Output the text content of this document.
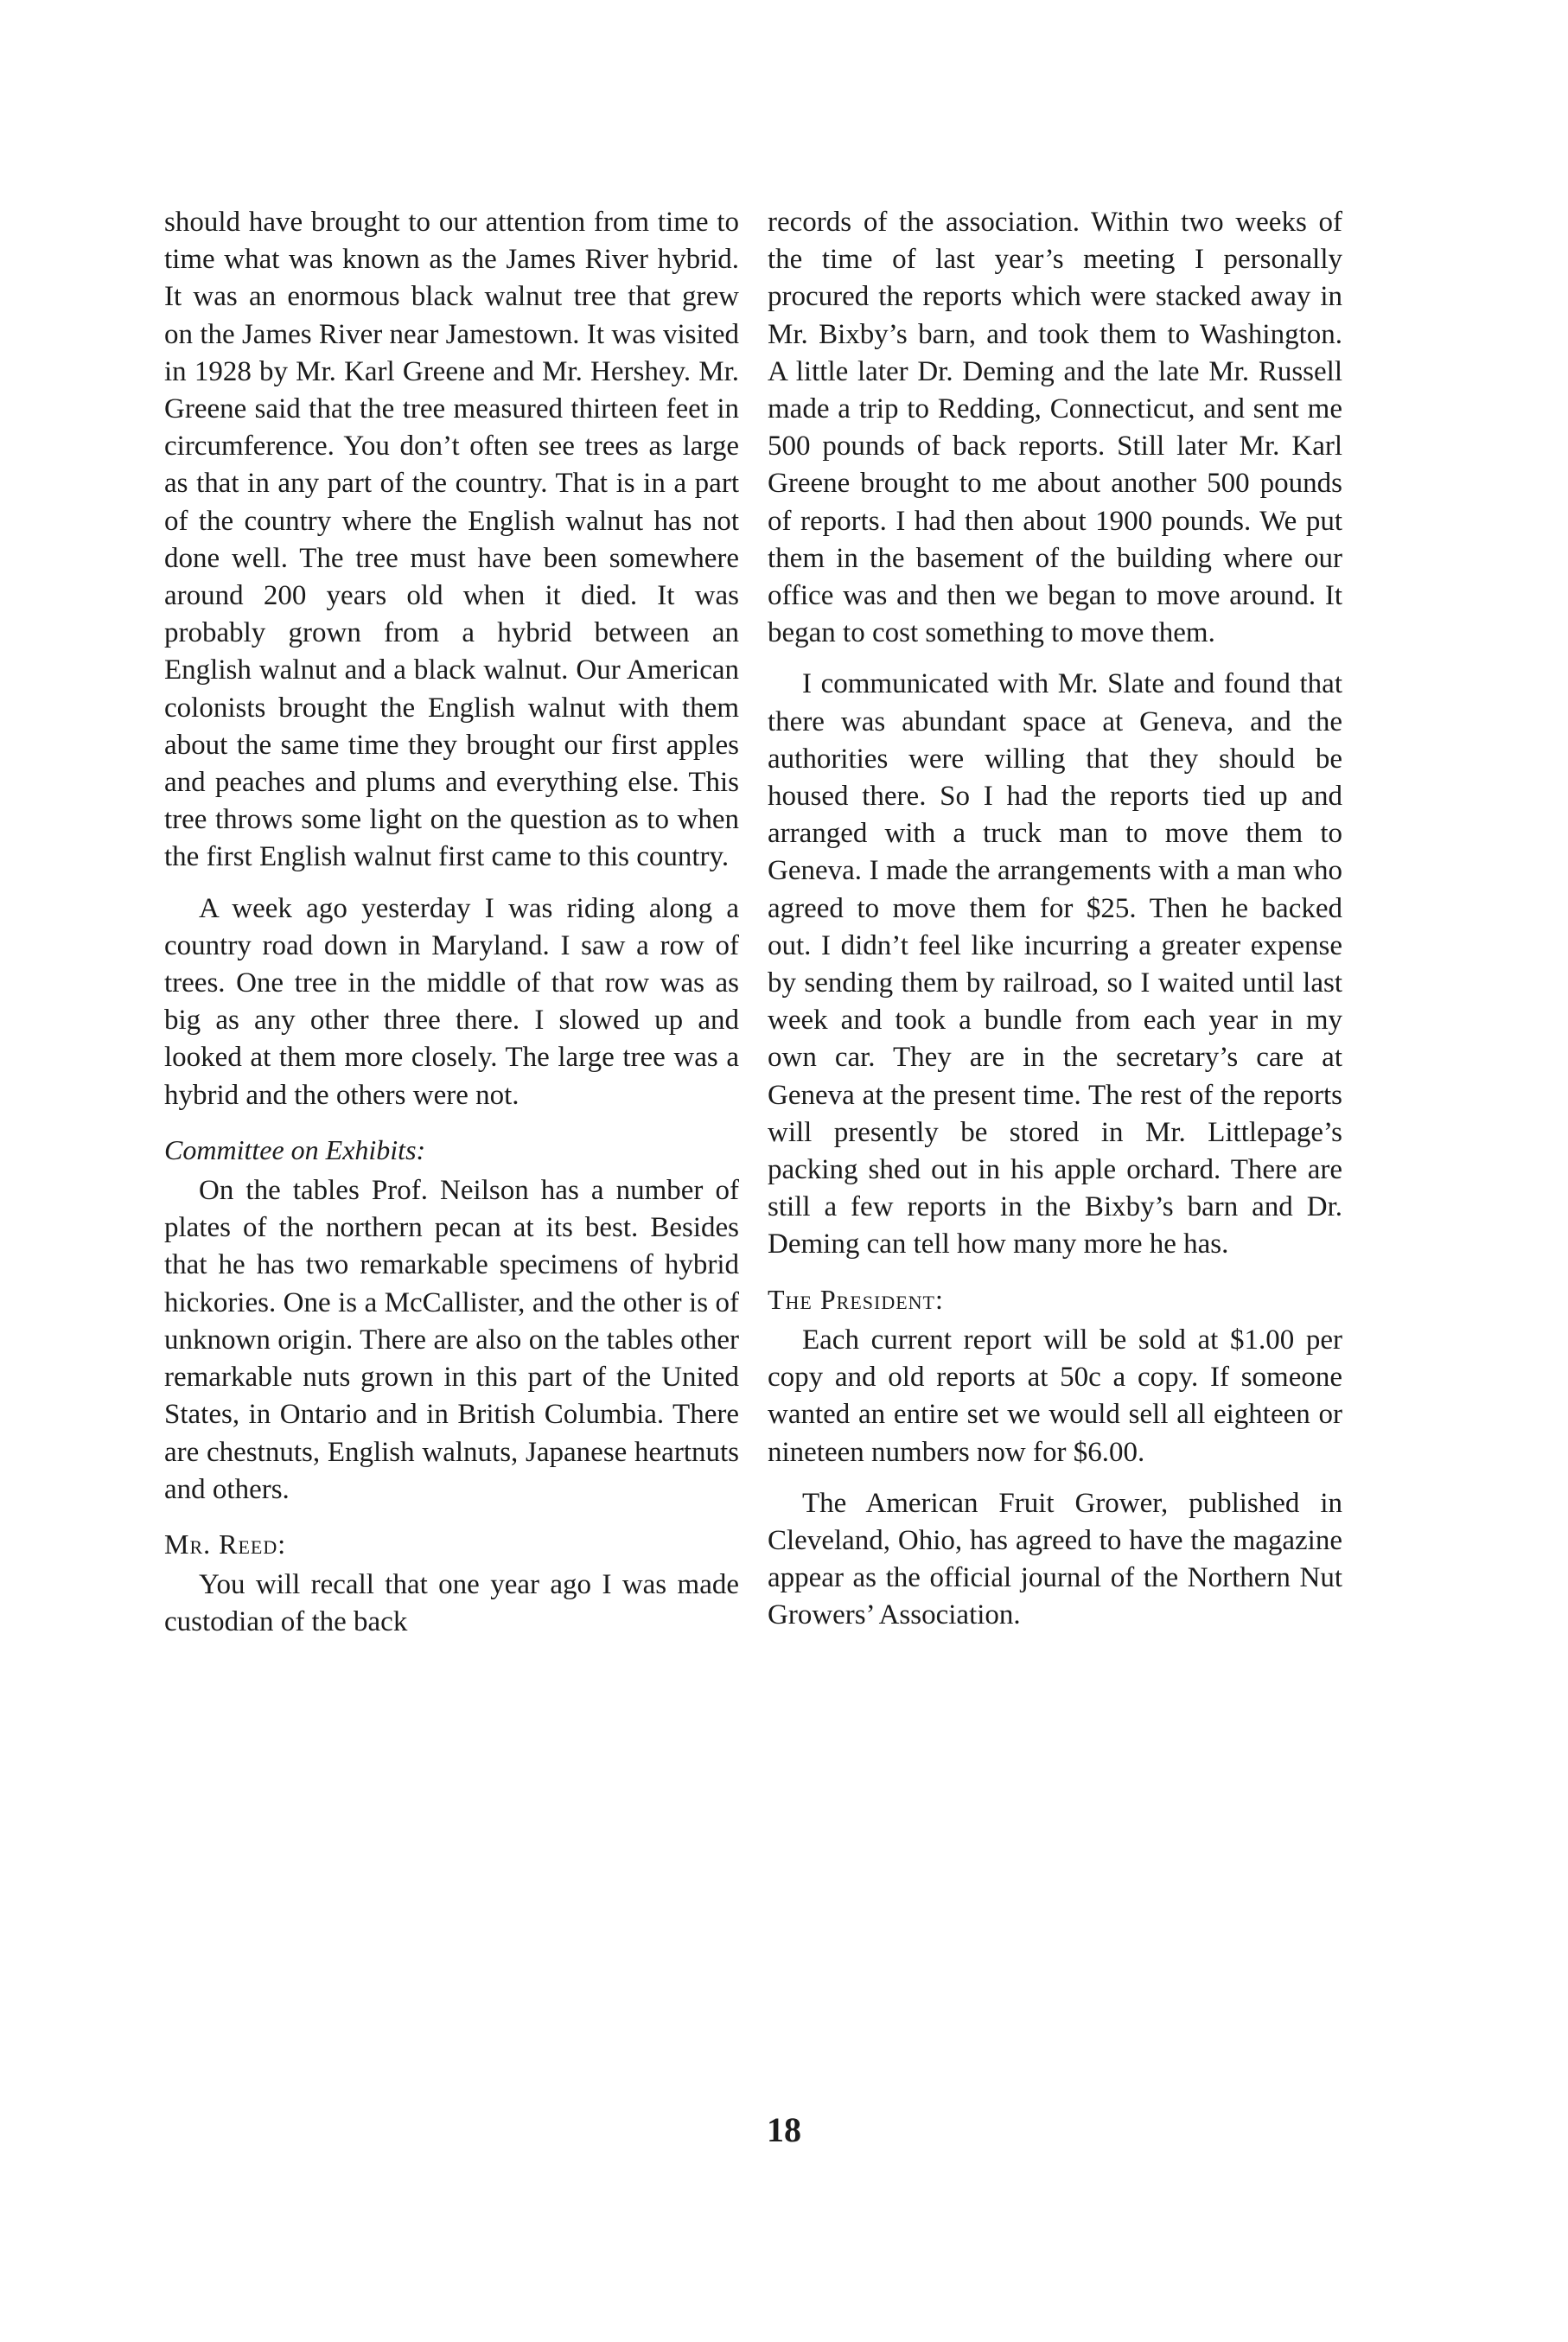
should have brought to our attention from time to time what was known as the James River hybrid. It was an enormous black walnut tree that grew on the James River near Jamestown. It was visited in 1928 by Mr. Karl Greene and Mr. Hershey. Mr. Greene said that the tree measured thirteen feet in circumference. You don’t often see trees as large as that in any part of the country. That is in a part of the country where the English walnut has not done well. The tree must have been somewhere around 200 years old when it died. It was probably grown from a hybrid between an English walnut and a black walnut. Our American colonists brought the English walnut with them about the same time they brought our first apples and peaches and plums and everything else. This tree throws some light on the question as to when the first English walnut first came to this country.

A week ago yesterday I was riding along a country road down in Maryland. I saw a row of trees. One tree in the middle of that row was as big as any other three there. I slowed up and looked at them more closely. The large tree was a hybrid and the others were not.

Committee on Exhibits:

On the tables Prof. Neilson has a number of plates of the northern pecan at its best. Besides that he has two remarkable specimens of hybrid hickories. One is a McCallister, and the other is of unknown origin. There are also on the tables other remarkable nuts grown in this part of the United States, in Ontario and in British Columbia. There are chestnuts, English walnuts, Japanese heartnuts and others.

Mr. Reed:

You will recall that one year ago I was made custodian of the back

records of the association. Within two weeks of the time of last year’s meeting I personally procured the reports which were stacked away in Mr. Bixby’s barn, and took them to Washington. A little later Dr. Deming and the late Mr. Russell made a trip to Redding, Connecticut, and sent me 500 pounds of back reports. Still later Mr. Karl Greene brought to me about another 500 pounds of reports. I had then about 1900 pounds. We put them in the basement of the building where our office was and then we began to move around. It began to cost something to move them.

I communicated with Mr. Slate and found that there was abundant space at Geneva, and the authorities were willing that they should be housed there. So I had the reports tied up and arranged with a truck man to move them to Geneva. I made the arrangements with a man who agreed to move them for $25. Then he backed out. I didn’t feel like incurring a greater expense by sending them by railroad, so I waited until last week and took a bundle from each year in my own car. They are in the secretary’s care at Geneva at the present time. The rest of the reports will presently be stored in Mr. Littlepage’s packing shed out in his apple orchard. There are still a few reports in the Bixby’s barn and Dr. Deming can tell how many more he has.

The President:

Each current report will be sold at $1.00 per copy and old reports at 50c a copy. If someone wanted an entire set we would sell all eighteen or nineteen numbers now for $6.00.

The American Fruit Grower, published in Cleveland, Ohio, has agreed to have the magazine appear as the official journal of the Northern Nut Growers’ Association.

18
